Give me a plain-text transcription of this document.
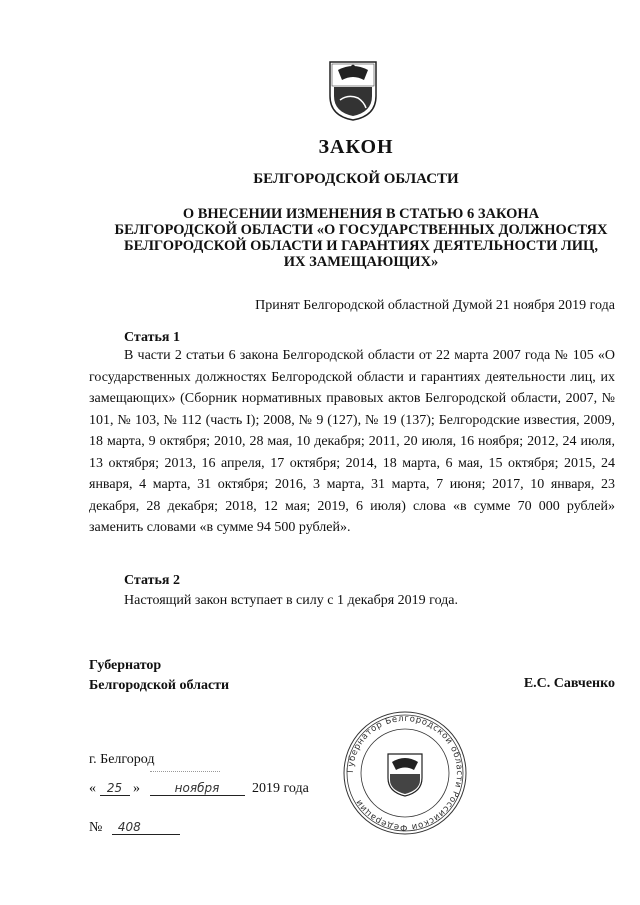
ЗАКОН
БЕЛГОРОДСКОЙ ОБЛАСТИ
О ВНЕСЕНИИ ИЗМЕНЕНИЯ В СТАТЬЮ 6 ЗАКОНА
БЕЛГОРОДСКОЙ ОБЛАСТИ «О ГОСУДАРСТВЕННЫХ ДОЛЖНОСТЯХ
БЕЛГОРОДСКОЙ ОБЛАСТИ И ГАРАНТИЯХ ДЕЯТЕЛЬНОСТИ ЛИЦ,
ИХ ЗАМЕЩАЮЩИХ»
Принят Белгородской областной Думой 21 ноября 2019 года
Статья 1
В части 2 статьи 6 закона Белгородской области от 22 марта 2007 года № 105 «О государственных должностях Белгородской области и гарантиях деятельности лиц, их замещающих» (Сборник нормативных правовых актов Белгородской области, 2007, № 101, № 103, № 112 (часть I); 2008, № 9 (127), № 19 (137); Белгородские известия, 2009, 18 марта, 9 октября; 2010, 28 мая, 10 декабря; 2011, 20 июля, 16 ноября; 2012, 24 июля, 13 октября; 2013, 16 апреля, 17 октября; 2014, 18 марта, 6 мая, 15 октября; 2015, 24 января, 4 марта, 31 октября; 2016, 3 марта, 31 марта, 7 июня; 2017, 10 января, 23 декабря, 28 декабря; 2018, 12 мая; 2019, 6 июля) слова «в сумме 70 000 рублей» заменить словами «в сумме 94 500 рублей».
Статья 2
Настоящий закон вступает в силу с 1 декабря 2019 года.
Губернатор
Белгородской области	Е.С. Савченко
Губернатор Белгородской области Российской Федерации
г. Белгород
« 25 »	ноября 2019 года
№ 408
